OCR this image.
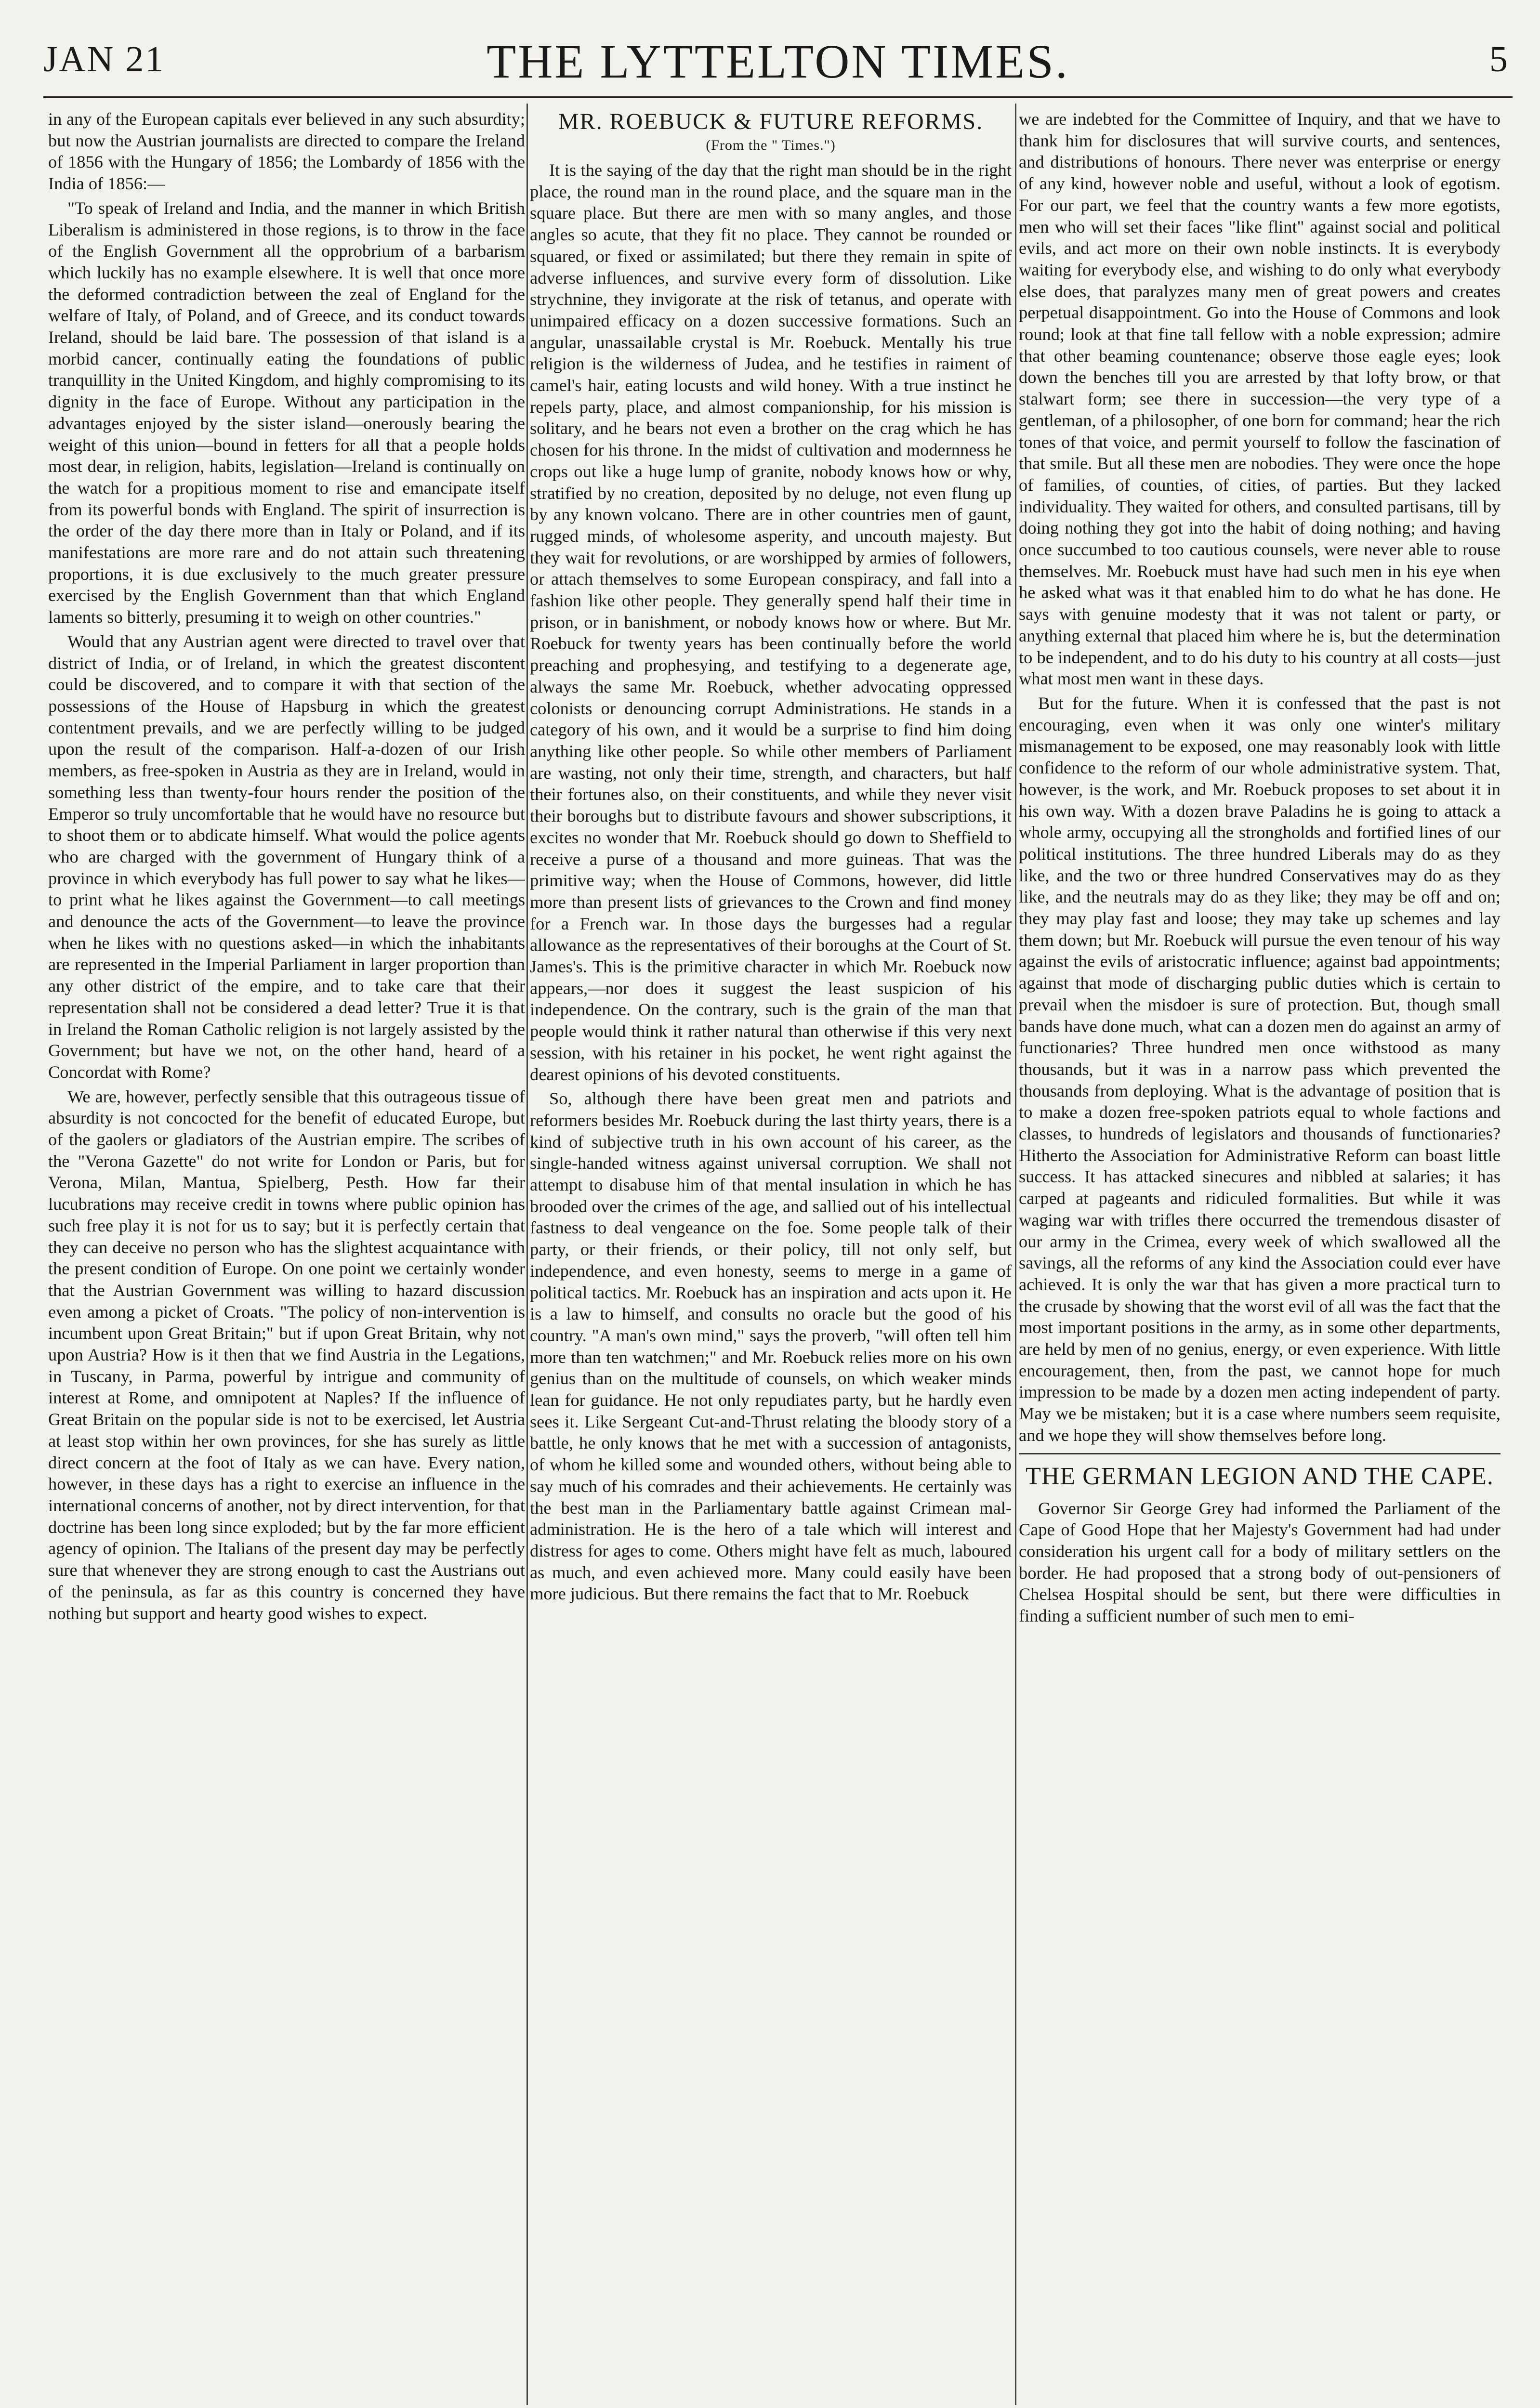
JAN 21	THE LYTTELTON TIMES.	5

in any of the European capitals ever believed in any such absurdity; but now the Austrian journalists are directed to compare the Ireland of 1856 with the Hungary of 1856; the Lombardy of 1856 with the India of 1856:—

"To speak of Ireland and India, and the manner in which British Liberalism is administered in those regions, is to throw in the face of the English Government all the opprobrium of a barbarism which luckily has no example elsewhere. It is well that once more the deformed contradiction between the zeal of England for the welfare of Italy, of Poland, and of Greece, and its conduct towards Ireland, should be laid bare. The possession of that island is a morbid cancer, continually eating the foundations of public tranquillity in the United Kingdom, and highly compromising to its dignity in the face of Europe. Without any participation in the advantages enjoyed by the sister island—onerously bearing the weight of this union—bound in fetters for all that a people holds most dear, in religion, habits, legislation—Ireland is continually on the watch for a propitious moment to rise and emancipate itself from its powerful bonds with England. The spirit of insurrection is the order of the day there more than in Italy or Poland, and if its manifestations are more rare and do not attain such threatening proportions, it is due exclusively to the much greater pressure exercised by the English Government than that which England laments so bitterly, presuming it to weigh on other countries."

Would that any Austrian agent were directed to travel over that district of India, or of Ireland, in which the greatest discontent could be discovered, and to compare it with that section of the possessions of the House of Hapsburg in which the greatest contentment prevails, and we are perfectly willing to be judged upon the result of the comparison. Half-a-dozen of our Irish members, as free-spoken in Austria as they are in Ireland, would in something less than twenty-four hours render the position of the Emperor so truly uncomfortable that he would have no resource but to shoot them or to abdicate himself. What would the police agents who are charged with the government of Hungary think of a province in which everybody has full power to say what he likes—to print what he likes against the Government—to call meetings and denounce the acts of the Government—to leave the province when he likes with no questions asked—in which the inhabitants are represented in the Imperial Parliament in larger proportion than any other district of the empire, and to take care that their representation shall not be considered a dead letter? True it is that in Ireland the Roman Catholic religion is not largely assisted by the Government; but have we not, on the other hand, heard of a Concordat with Rome?

We are, however, perfectly sensible that this outrageous tissue of absurdity is not concocted for the benefit of educated Europe, but of the gaolers or gladiators of the Austrian empire. The scribes of the "Verona Gazette" do not write for London or Paris, but for Verona, Milan, Mantua, Spielberg, Pesth. How far their lucubrations may receive credit in towns where public opinion has such free play it is not for us to say; but it is perfectly certain that they can deceive no person who has the slightest acquaintance with the present condition of Europe. On one point we certainly wonder that the Austrian Government was willing to hazard discussion even among a picket of Croats. "The policy of non-intervention is incumbent upon Great Britain;" but if upon Great Britain, why not upon Austria? How is it then that we find Austria in the Legations, in Tuscany, in Parma, powerful by intrigue and community of interest at Rome, and omnipotent at Naples? If the influence of Great Britain on the popular side is not to be exercised, let Austria at least stop within her own provinces, for she has surely as little direct concern at the foot of Italy as we can have. Every nation, however, in these days has a right to exercise an influence in the international concerns of another, not by direct intervention, for that doctrine has been long since exploded; but by the far more efficient agency of opinion. The Italians of the present day may be perfectly sure that whenever they are strong enough to cast the Austrians out of the peninsula, as far as this country is concerned they have nothing but support and hearty good wishes to expect.

MR. ROEBUCK & FUTURE REFORMS.
(From the " Times.")

It is the saying of the day that the right man should be in the right place, the round man in the round place, and the square man in the square place. But there are men with so many angles, and those angles so acute, that they fit no place. They cannot be rounded or squared, or fixed or assimilated; but there they remain in spite of adverse influences, and survive every form of dissolution. Like strychnine, they invigorate at the risk of tetanus, and operate with unimpaired efficacy on a dozen successive formations. Such an angular, unassailable crystal is Mr. Roebuck. Mentally his true religion is the wilderness of Judea, and he testifies in raiment of camel's hair, eating locusts and wild honey. With a true instinct he repels party, place, and almost companionship, for his mission is solitary, and he bears not even a brother on the crag which he has chosen for his throne. In the midst of cultivation and modernness he crops out like a huge lump of granite, nobody knows how or why, stratified by no creation, deposited by no deluge, not even flung up by any known volcano. There are in other countries men of gaunt, rugged minds, of wholesome asperity, and uncouth majesty. But they wait for revolutions, or are worshipped by armies of followers, or attach themselves to some European conspiracy, and fall into a fashion like other people. They generally spend half their time in prison, or in banishment, or nobody knows how or where. But Mr. Roebuck for twenty years has been continually before the world preaching and prophesying, and testifying to a degenerate age, always the same Mr. Roebuck, whether advocating oppressed colonists or denouncing corrupt Administrations. He stands in a category of his own, and it would be a surprise to find him doing anything like other people. So while other members of Parliament are wasting, not only their time, strength, and characters, but half their fortunes also, on their constituents, and while they never visit their boroughs but to distribute favours and shower subscriptions, it excites no wonder that Mr. Roebuck should go down to Sheffield to receive a purse of a thousand and more guineas. That was the primitive way; when the House of Commons, however, did little more than present lists of grievances to the Crown and find money for a French war. In those days the burgesses had a regular allowance as the representatives of their boroughs at the Court of St. James's. This is the primitive character in which Mr. Roebuck now appears,—nor does it suggest the least suspicion of his independence. On the contrary, such is the grain of the man that people would think it rather natural than otherwise if this very next session, with his retainer in his pocket, he went right against the dearest opinions of his devoted constituents.

So, although there have been great men and patriots and reformers besides Mr. Roebuck during the last thirty years, there is a kind of subjective truth in his own account of his career, as the single-handed witness against universal corruption. We shall not attempt to disabuse him of that mental insulation in which he has brooded over the crimes of the age, and sallied out of his intellectual fastness to deal vengeance on the foe. Some people talk of their party, or their friends, or their policy, till not only self, but independence, and even honesty, seems to merge in a game of political tactics. Mr. Roebuck has an inspiration and acts upon it. He is a law to himself, and consults no oracle but the good of his country. "A man's own mind," says the proverb, "will often tell him more than ten watchmen;" and Mr. Roebuck relies more on his own genius than on the multitude of counsels, on which weaker minds lean for guidance. He not only repudiates party, but he hardly even sees it. Like Sergeant Cut-and-Thrust relating the bloody story of a battle, he only knows that he met with a succession of antagonists, of whom he killed some and wounded others, without being able to say much of his comrades and their achievements. He certainly was the best man in the Parliamentary battle against Crimean mal-administration. He is the hero of a tale which will interest and distress for ages to come. Others might have felt as much, laboured as much, and even achieved more. Many could easily have been more judicious. But there remains the fact that to Mr. Roebuck

we are indebted for the Committee of Inquiry, and that we have to thank him for disclosures that will survive courts, and sentences, and distributions of honours. There never was enterprise or energy of any kind, however noble and useful, without a look of egotism. For our part, we feel that the country wants a few more egotists, men who will set their faces "like flint" against social and political evils, and act more on their own noble instincts. It is everybody waiting for everybody else, and wishing to do only what everybody else does, that paralyzes many men of great powers and creates perpetual disappointment. Go into the House of Commons and look round; look at that fine tall fellow with a noble expression; admire that other beaming countenance; observe those eagle eyes; look down the benches till you are arrested by that lofty brow, or that stalwart form; see there in succession—the very type of a gentleman, of a philosopher, of one born for command; hear the rich tones of that voice, and permit yourself to follow the fascination of that smile. But all these men are nobodies. They were once the hope of families, of counties, of cities, of parties. But they lacked individuality. They waited for others, and consulted partisans, till by doing nothing they got into the habit of doing nothing; and having once succumbed to too cautious counsels, were never able to rouse themselves. Mr. Roebuck must have had such men in his eye when he asked what was it that enabled him to do what he has done. He says with genuine modesty that it was not talent or party, or anything external that placed him where he is, but the determination to be independent, and to do his duty to his country at all costs—just what most men want in these days.

But for the future. When it is confessed that the past is not encouraging, even when it was only one winter's military mismanagement to be exposed, one may reasonably look with little confidence to the reform of our whole administrative system. That, however, is the work, and Mr. Roebuck proposes to set about it in his own way. With a dozen brave Paladins he is going to attack a whole army, occupying all the strongholds and fortified lines of our political institutions. The three hundred Liberals may do as they like, and the two or three hundred Conservatives may do as they like, and the neutrals may do as they like; they may be off and on; they may play fast and loose; they may take up schemes and lay them down; but Mr. Roebuck will pursue the even tenour of his way against the evils of aristocratic influence; against bad appointments; against that mode of discharging public duties which is certain to prevail when the misdoer is sure of protection. But, though small bands have done much, what can a dozen men do against an army of functionaries? Three hundred men once withstood as many thousands, but it was in a narrow pass which prevented the thousands from deploying. What is the advantage of position that is to make a dozen free-spoken patriots equal to whole factions and classes, to hundreds of legislators and thousands of functionaries? Hitherto the Association for Administrative Reform can boast little success. It has attacked sinecures and nibbled at salaries; it has carped at pageants and ridiculed formalities. But while it was waging war with trifles there occurred the tremendous disaster of our army in the Crimea, every week of which swallowed all the savings, all the reforms of any kind the Association could ever have achieved. It is only the war that has given a more practical turn to the crusade by showing that the worst evil of all was the fact that the most important positions in the army, as in some other departments, are held by men of no genius, energy, or even experience. With little encouragement, then, from the past, we cannot hope for much impression to be made by a dozen men acting independent of party. May we be mistaken; but it is a case where numbers seem requisite, and we hope they will show themselves before long.

THE GERMAN LEGION AND THE CAPE.

Governor Sir George Grey had informed the Parliament of the Cape of Good Hope that her Majesty's Government had had under consideration his urgent call for a body of military settlers on the border. He had proposed that a strong body of out-pensioners of Chelsea Hospital should be sent, but there were difficulties in finding a sufficient number of such men to emi-
